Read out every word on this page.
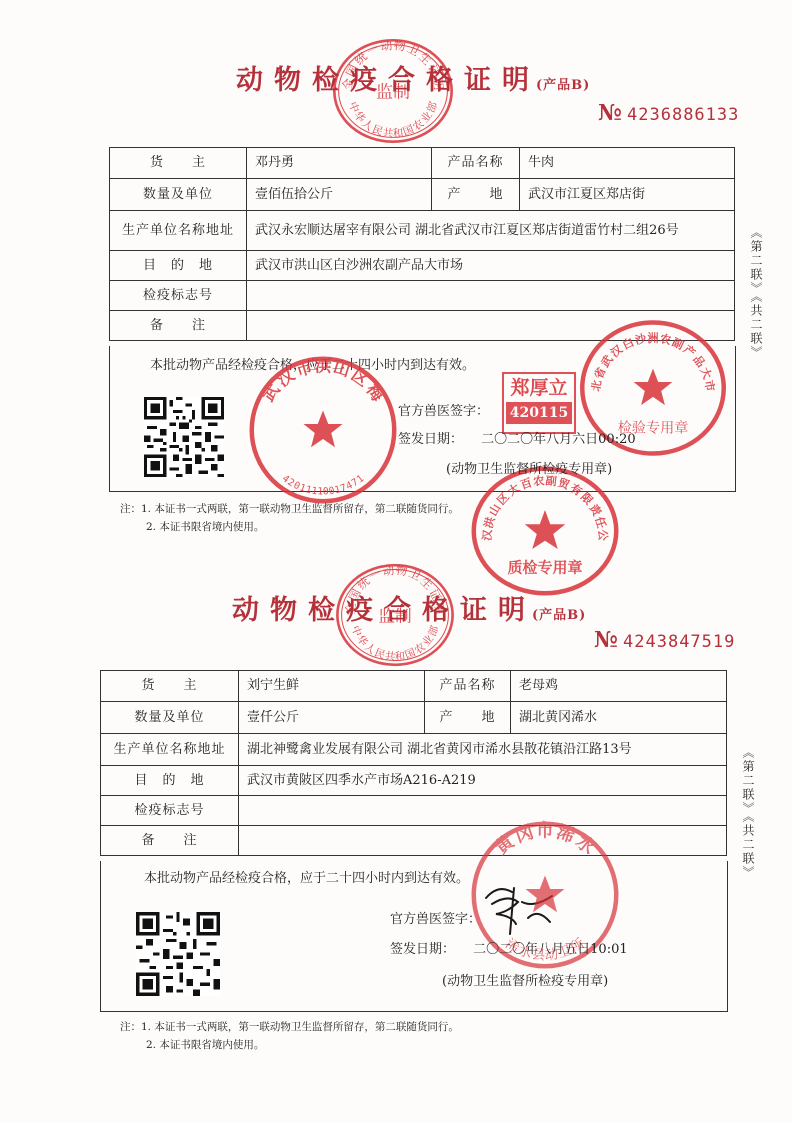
动物检疫合格证明(产品B)
№ 4236886133
货　　主	邓丹勇	产品名称	牛肉
数量及单位	壹佰伍拾公斤	产　　地	武汉市江夏区郑店街
生产单位名称地址	武汉永宏顺达屠宰有限公司 湖北省武汉市江夏区郑店街道雷竹村二组26号		
目　的　地	武汉市洪山区白沙洲农副产品大市场		
检疫标志号			
备　　注			
本批动物产品经检疫合格，应于二十四小时内到达有效。
郑厚立
420115
官方兽医签字：
签发日期： 二〇二〇年八月六日00:20
(动物卫生监督所检疫专用章)
《第二联》《共二联》
注：1. 本证书一式两联，第一联动物卫生监督所留存，第二联随货同行。
2. 本证书限省境内使用。
动物检疫合格证明(产品B)
№ 4243847519
货　　主	刘宁生鲜	产品名称	老母鸡
数量及单位	壹仟公斤	产　　地	湖北黄冈浠水
生产单位名称地址	湖北神鹭禽业发展有限公司 湖北省黄冈市浠水县散花镇沿江路13号		
目　的　地	武汉市黄陂区四季水产市场A216-A219		
检疫标志号			
备　　注			
本批动物产品经检疫合格，应于二十四小时内到达有效。
官方兽医签字：
签发日期： 二〇二〇年八月五日10:01
(动物卫生监督所检疫专用章)
《第二联》《共二联》
注：1. 本证书一式两联，第一联动物卫生监督所留存，第二联随货同行。
2. 本证书限省境内使用。
